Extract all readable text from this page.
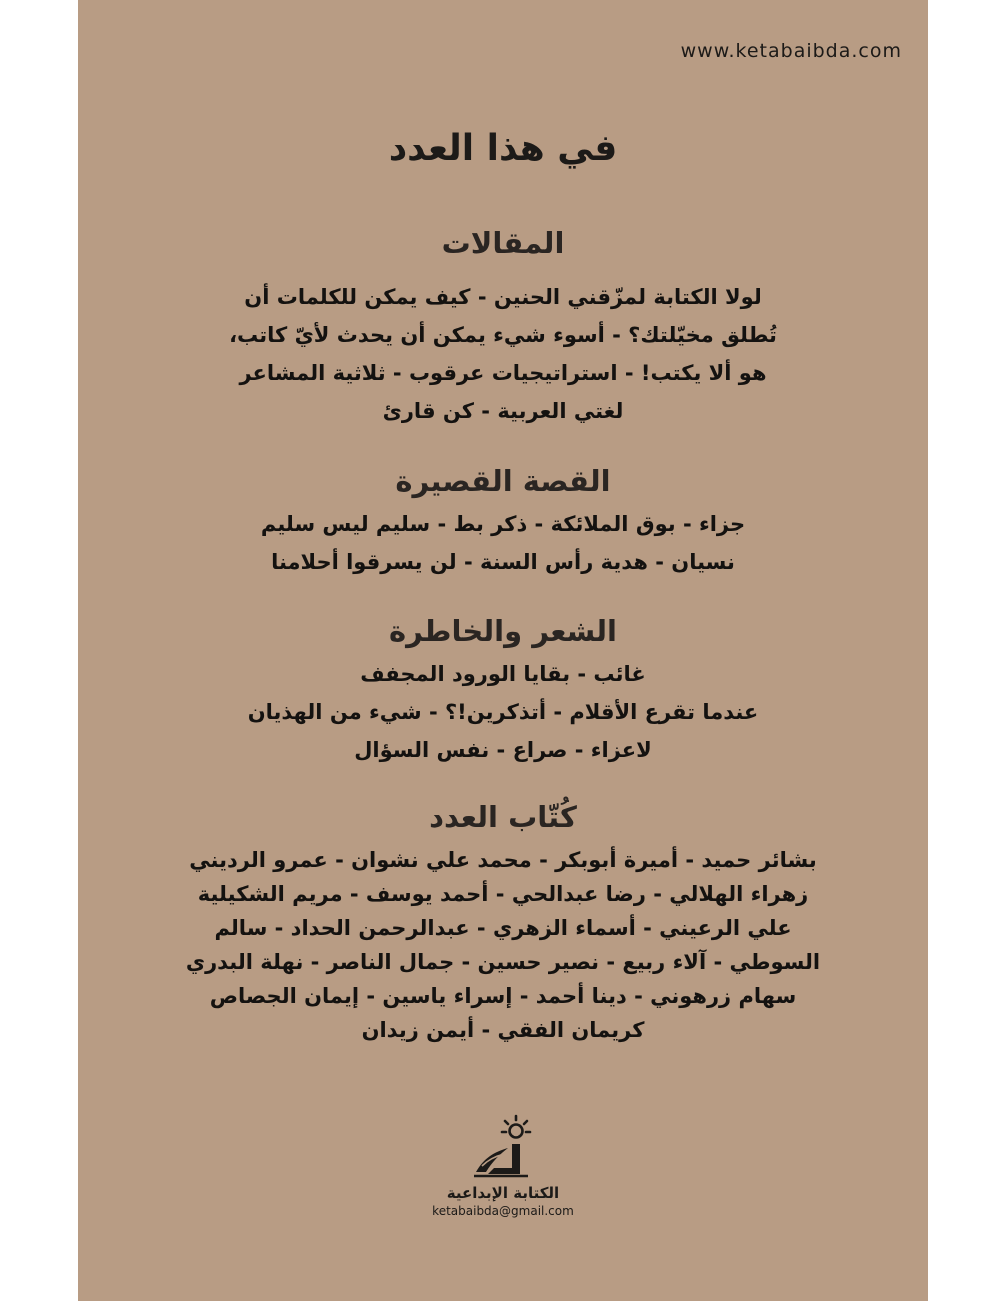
www.ketabaibda.com
في هذا العدد
المقالات
لولا الكتابة لمزّقني الحنين - كيف يمكن للكلمات أن
تُطلق مخيّلتك؟ - أسوء شيء يمكن أن يحدث لأيّ كاتب،
هو ألا يكتب! - استراتيجيات عرقوب - ثلاثية المشاعر
لغتي العربية - كن قارئ
القصة القصيرة
جزاء - بوق الملائكة - ذكر بط - سليم ليس سليم
نسيان - هدية رأس السنة - لن يسرقوا أحلامنا
الشعر والخاطرة
غائب - بقايا الورود المجفف
عندما تقرع الأقلام - أتذكرين!؟ - شيء من الهذيان
لاعزاء - صراع - نفس السؤال
كُتّاب العدد
بشائر حميد - أميرة أبوبكر - محمد علي نشوان - عمرو الرديني
زهراء الهلالي - رضا عبدالحي - أحمد يوسف - مريم الشكيلية
علي الرعيني - أسماء الزهري - عبدالرحمن الحداد - سالم
السوطي - آلاء ربيع - نصير حسين - جمال الناصر - نهلة البدري
سهام زرهوني - دينا أحمد - إسراء ياسين - إيمان الجصاص
كريمان الفقي - أيمن زيدان
الكتابة الإبداعية
ketabaibda@gmail.com
